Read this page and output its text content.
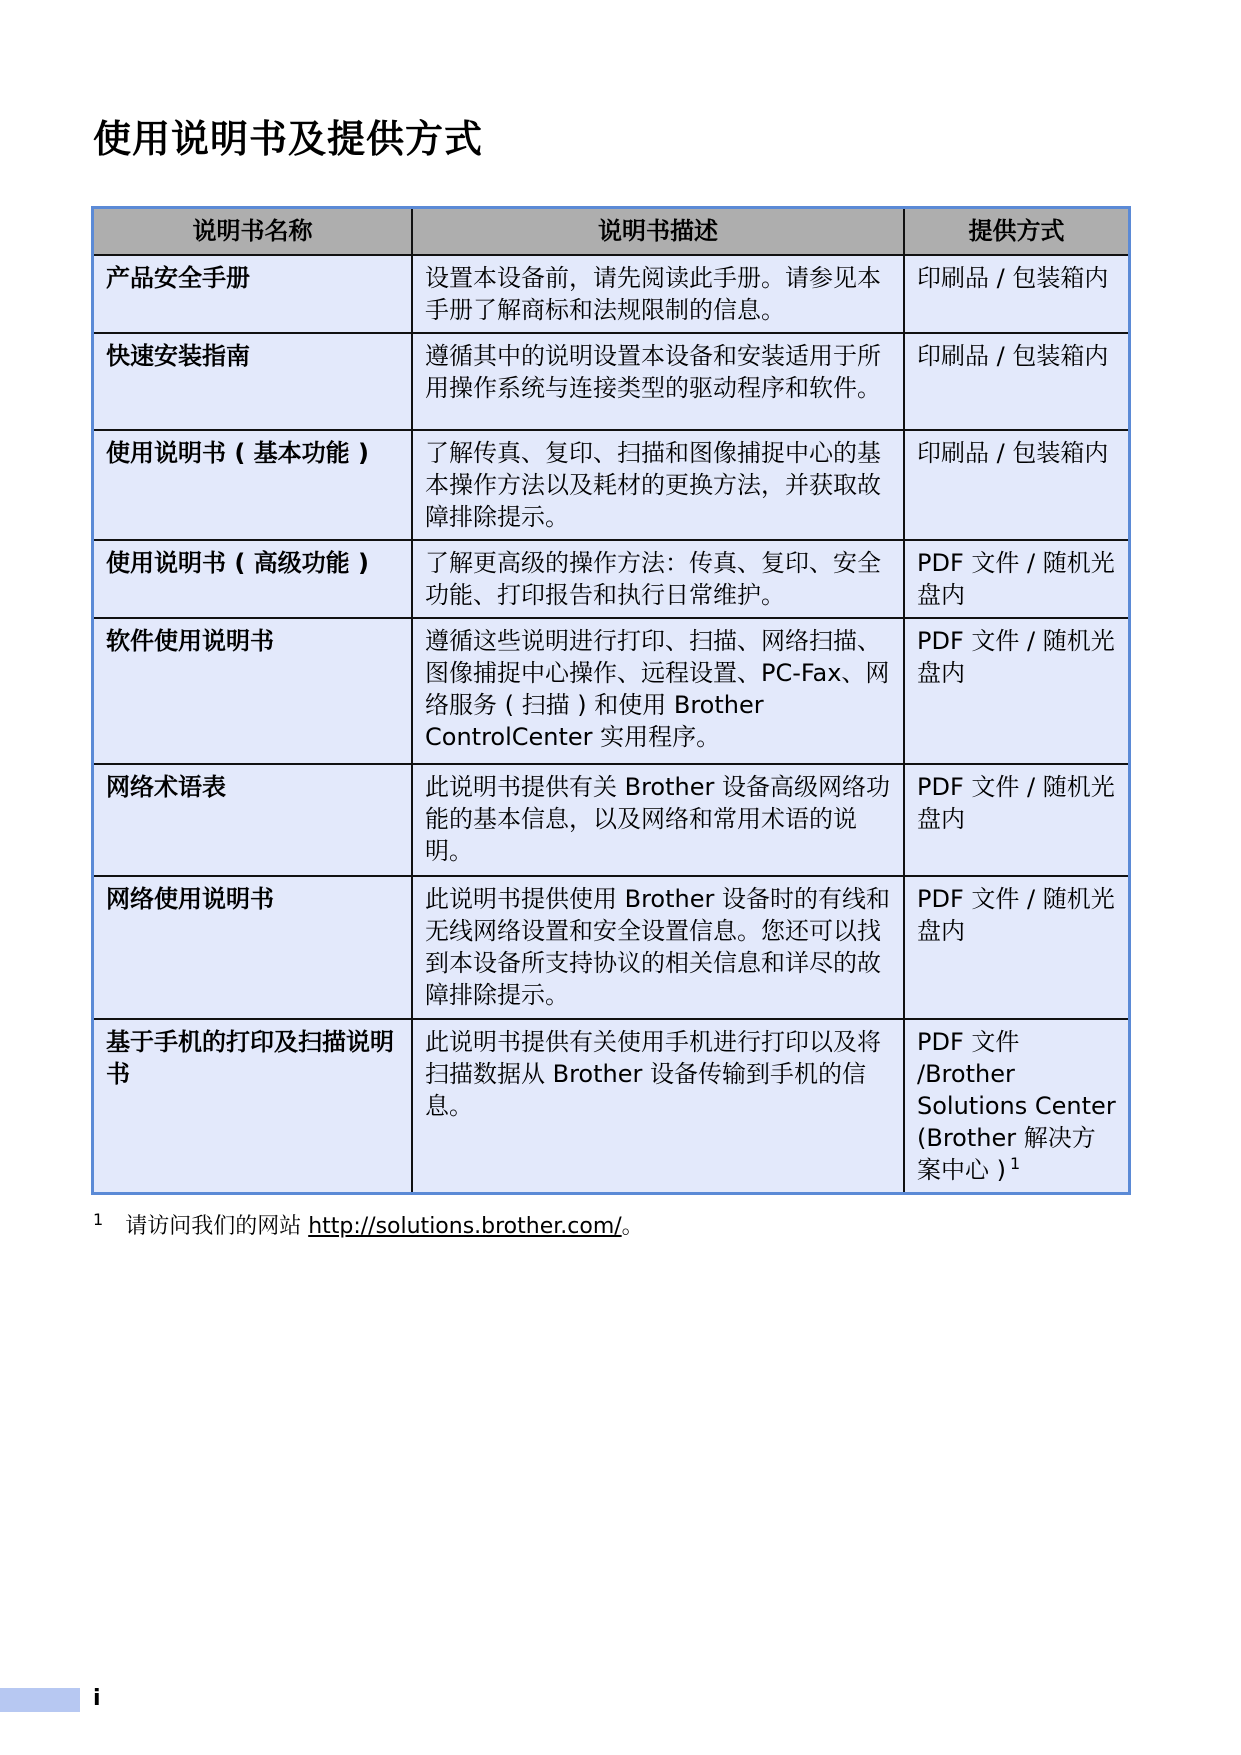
使用说明书及提供方式
说明书名称	说明书描述	提供方式
产品安全手册	设置本设备前，请先阅读此手册。请参见本手册了解商标和法规限制的信息。	印刷品 / 包装箱内
快速安装指南	遵循其中的说明设置本设备和安装适用于所用操作系统与连接类型的驱动程序和软件。	印刷品 / 包装箱内
使用说明书 ( 基本功能 )	了解传真、复印、扫描和图像捕捉中心的基本操作方法以及耗材的更换方法，并获取故障排除提示。	印刷品 / 包装箱内
使用说明书 ( 高级功能 )	了解更高级的操作方法：传真、复印、安全功能、打印报告和执行日常维护。	PDF 文件 / 随机光盘内
软件使用说明书	遵循这些说明进行打印、扫描、网络扫描、图像捕捉中心操作、远程设置、PC-Fax、网络服务 ( 扫描 ) 和使用 Brother ControlCenter 实用程序。	PDF 文件 / 随机光盘内
网络术语表	此说明书提供有关 Brother 设备高级网络功能的基本信息，以及网络和常用术语的说明。	PDF 文件 / 随机光盘内
网络使用说明书	此说明书提供使用 Brother 设备时的有线和无线网络设置和安全设置信息。您还可以找到本设备所支持协议的相关信息和详尽的故障排除提示。	PDF 文件 / 随机光盘内
基于手机的打印及扫描说明书	此说明书提供有关使用手机进行打印以及将扫描数据从 Brother 设备传输到手机的信息。	PDF 文件 /Brother Solutions Center (Brother 解决方案中心 ) $^1$
$^1$ 请访问我们的网站 http://solutions.brother.com/。
i
